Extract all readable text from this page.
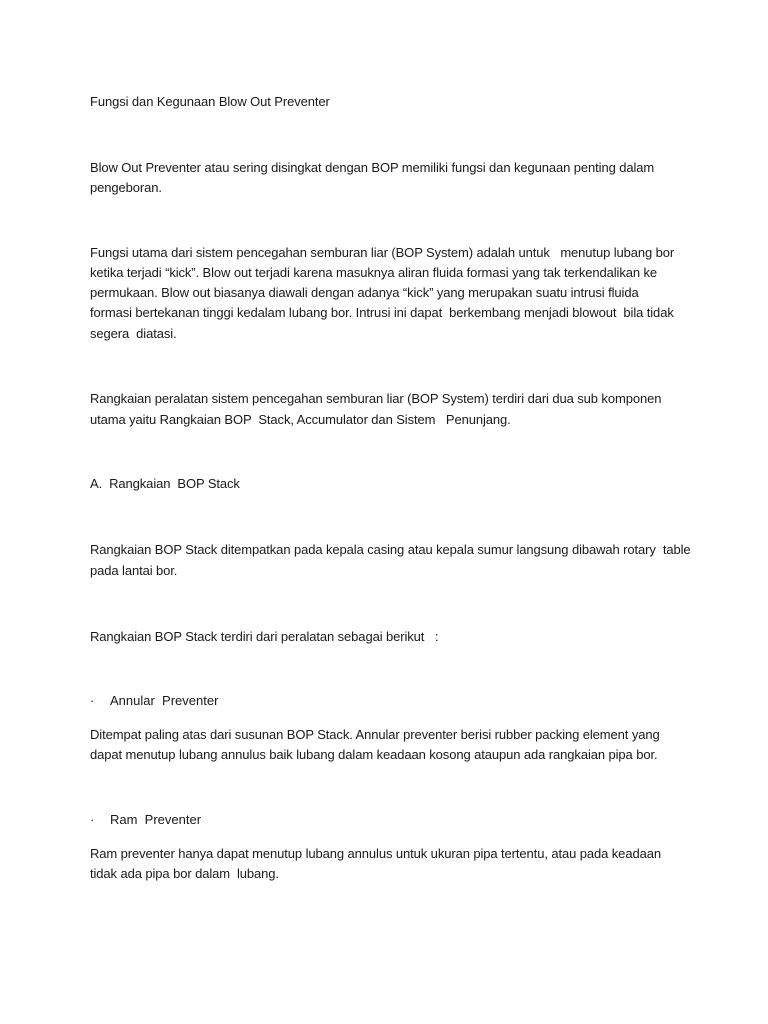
Fungsi dan Kegunaan Blow Out Preventer
Blow Out Preventer atau sering disingkat dengan BOP memiliki fungsi dan kegunaan penting dalam
pengeboran.
Fungsi utama dari sistem pencegahan semburan liar (BOP System) adalah untuk   menutup lubang bor
ketika terjadi “kick”. Blow out terjadi karena masuknya aliran fluida formasi yang tak terkendalikan ke
permukaan. Blow out biasanya diawali dengan adanya “kick” yang merupakan suatu intrusi fluida
formasi bertekanan tinggi kedalam lubang bor. Intrusi ini dapat  berkembang menjadi blowout  bila tidak
segera  diatasi.
Rangkaian peralatan sistem pencegahan semburan liar (BOP System) terdiri dari dua sub komponen
utama yaitu Rangkaian BOP  Stack, Accumulator dan Sistem   Penunjang.
A.  Rangkaian  BOP Stack
Rangkaian BOP Stack ditempatkan pada kepala casing atau kepala sumur langsung dibawah rotary  table
pada lantai bor.
Rangkaian BOP Stack terdiri dari peralatan sebagai berikut   :
· Annular  Preventer
Ditempat paling atas dari susunan BOP Stack. Annular preventer berisi rubber packing element yang
dapat menutup lubang annulus baik lubang dalam keadaan kosong ataupun ada rangkaian pipa bor.
· Ram  Preventer
Ram preventer hanya dapat menutup lubang annulus untuk ukuran pipa tertentu, atau pada keadaan
tidak ada pipa bor dalam  lubang.
